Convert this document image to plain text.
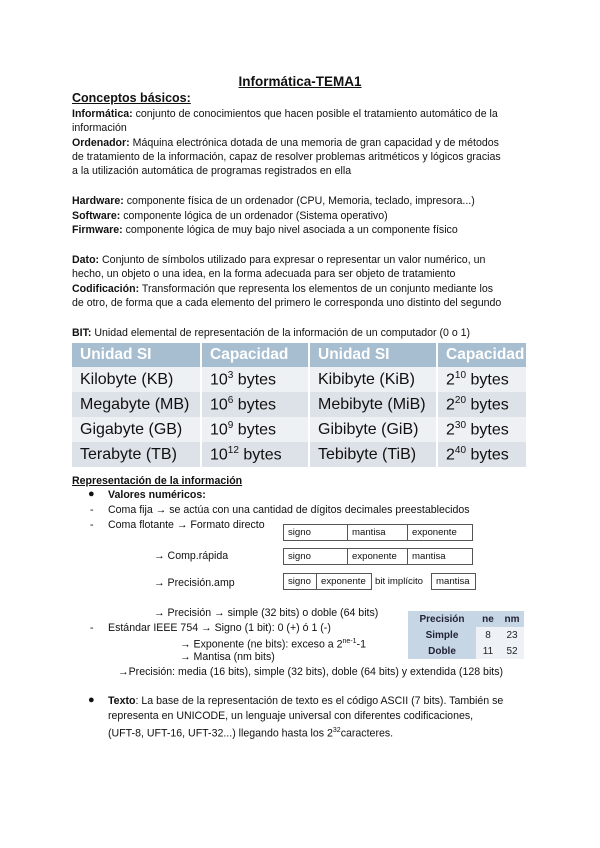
Informática-TEMA1
Conceptos básicos:
Informática: conjunto de conocimientos que hacen posible el tratamiento automático de la
información
Ordenador: Máquina electrónica dotada de una memoria de gran capacidad y de métodos
de tratamiento de la información, capaz de resolver problemas aritméticos y lógicos gracias
a la utilización automática de programas registrados en ella
Hardware: componente física de un ordenador (CPU, Memoria, teclado, impresora...)
Software: componente lógica de un ordenador (Sistema operativo)
Firmware: componente lógica de muy bajo nivel asociada a un componente físico
Dato: Conjunto de símbolos utilizado para expresar o representar un valor numérico, un
hecho, un objeto o una idea, en la forma adecuada para ser objeto de tratamiento
Codificación: Transformación que representa los elementos de un conjunto mediante los
de otro, de forma que a cada elemento del primero le corresponda uno distinto del segundo
BIT: Unidad elemental de representación de la información de un computador (0 o 1)
Unidad SI	Capacidad	Unidad SI	Capacidad
Kilobyte (KB)	$10^3$ bytes	Kibibyte (KiB)	$2^{10}$ bytes
Megabyte (MB)	$10^6$ bytes	Mebibyte (MiB)	$2^{20}$ bytes
Gigabyte (GB)	$10^9$ bytes	Gibibyte (GiB)	$2^{30}$ bytes
Terabyte (TB)	$10^{12}$ bytes	Tebibyte (TiB)	$2^{40}$ bytes
Representación de la información
● Valores numéricos:
- Coma fija → se actúa con una cantidad de dígitos decimales preestablecidos
- Coma flotante → Formato directo
signo	mantisa	exponente
→ Comp.rápida	signo	exponente	mantisa
→ Precisión.amp	signo	exponente bit implícito	mantisa
→ Precisión → simple (32 bits) o doble (64 bits)
- Estándar IEEE 754 → Signo (1 bit): 0 (+) ó 1 (-)
→ Exponente (ne bits): exceso a $2^{ne-1}-1$
→ Mantisa (nm bits)
→Precisión: media (16 bits), simple (32 bits), doble (64 bits) y extendida (128 bits)
Precisión	ne	nm
Simple	8	23
Doble	11	52
● Texto: La base de la representación de texto es el código ASCII (7 bits). También se
representa en UNICODE, un lenguaje universal con diferentes codificaciones,
(UFT-8, UFT-16, UFT-32...) llegando hasta los $2^{32}caracteres$.
